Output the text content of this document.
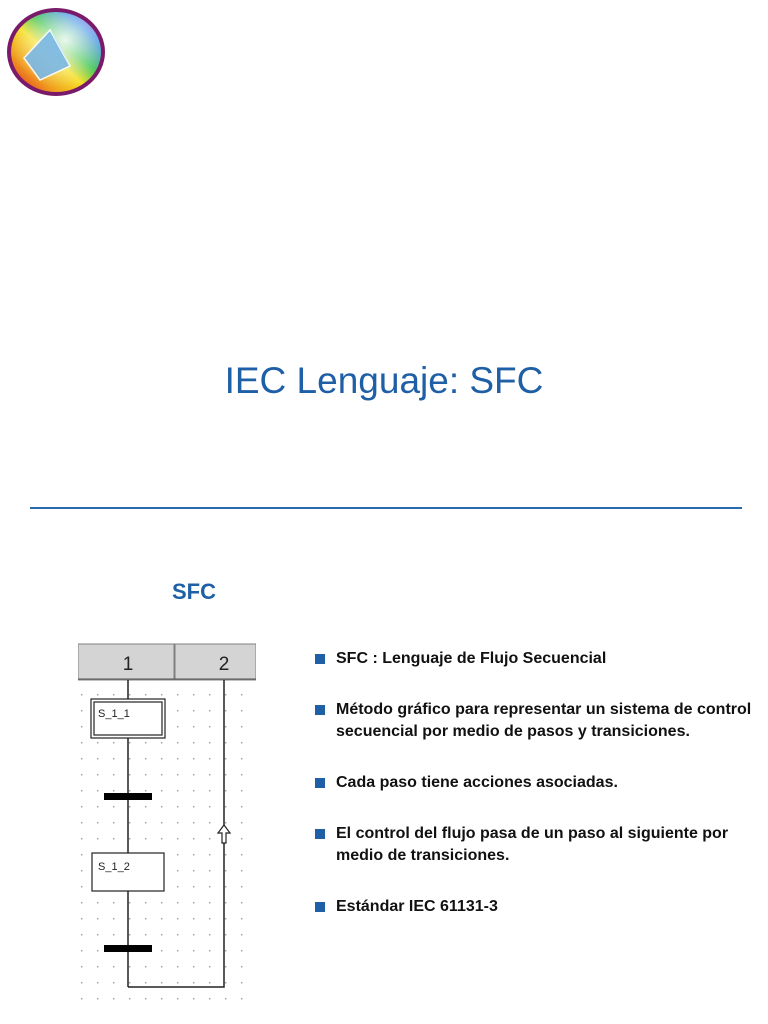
IEC Lenguaje: SFC
SFC
1	2
S_1_1
S_1_2
SFC : Lenguaje de Flujo Secuencial
Método gráfico para representar un sistema de control secuencial por medio de pasos y transiciones.
Cada paso tiene acciones asociadas.
El control del flujo pasa de un paso al siguiente por medio de transiciones.
Estándar IEC 61131-3
